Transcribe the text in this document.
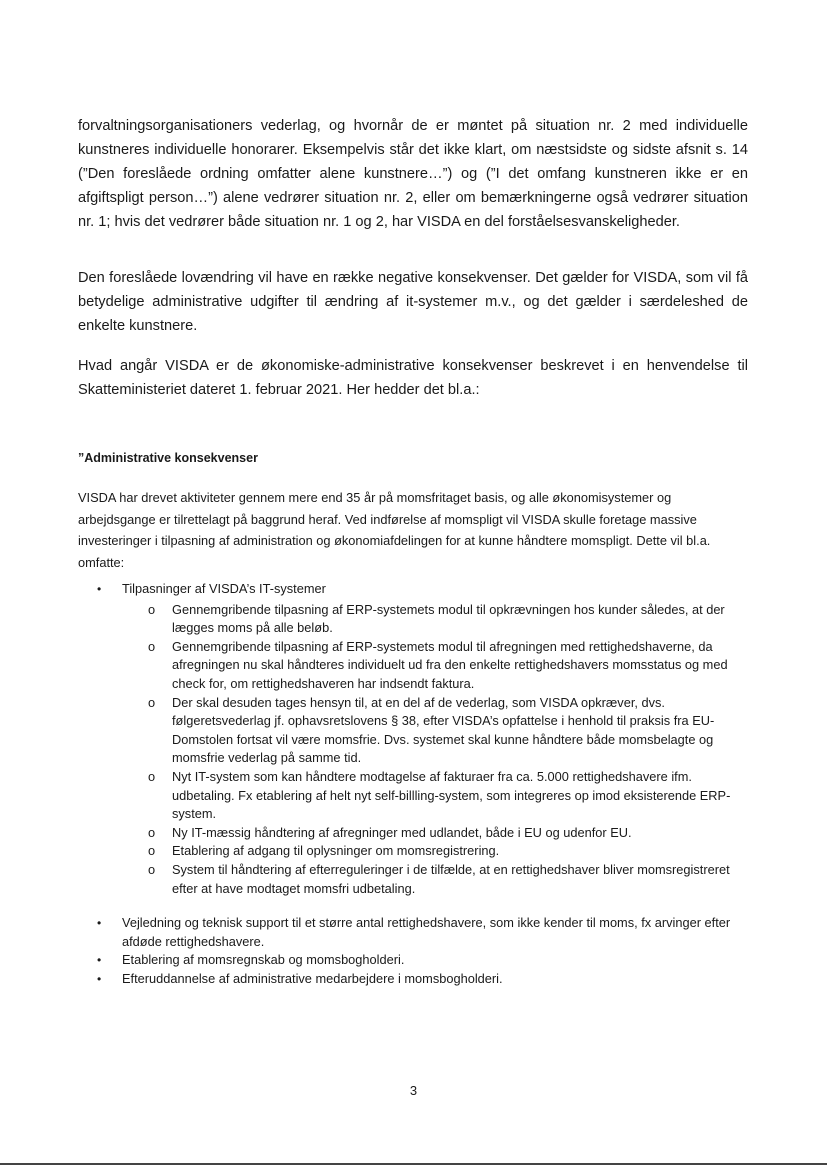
forvaltningsorganisationers vederlag, og hvornår de er møntet på situation nr. 2 med individuelle kunstneres individuelle honorarer. Eksempelvis står det ikke klart, om næstsidste og sidste afsnit s. 14 (”Den foreslåede ordning omfatter alene kunstnere…”) og (”I det omfang kunstneren ikke er en afgiftspligt person…”) alene vedrører situation nr. 2, eller om bemærkningerne også vedrører situation nr. 1; hvis det vedrører både situation nr. 1 og 2, har VISDA en del forståelsesvanskeligheder.

Den foreslåede lovændring vil have en række negative konsekvenser. Det gælder for VISDA, som vil få betydelige administrative udgifter til ændring af it-systemer m.v., og det gælder i særdeleshed de enkelte kunstnere.

Hvad angår VISDA er de økonomiske-administrative konsekvenser beskrevet i en henvendelse til Skatteministeriet dateret 1. februar 2021. Her hedder det bl.a.:

”Administrative konsekvenser

VISDA har drevet aktiviteter gennem mere end 35 år på momsfritaget basis, og alle økonomisystemer og arbejdsgange er tilrettelagt på baggrund heraf. Ved indførelse af momspligt vil VISDA skulle foretage massive investeringer i tilpasning af administration og økonomiafdelingen for at kunne håndtere momspligt. Dette vil bl.a. omfatte:

• Tilpasninger af VISDA’s IT-systemer
o Gennemgribende tilpasning af ERP-systemets modul til opkrævningen hos kunder således, at der lægges moms på alle beløb.
o Gennemgribende tilpasning af ERP-systemets modul til afregningen med rettighedshaverne, da afregningen nu skal håndteres individuelt ud fra den enkelte rettighedshavers momsstatus og med check for, om rettighedshaveren har indsendt faktura.
o Der skal desuden tages hensyn til, at en del af de vederlag, som VISDA opkræver, dvs. følgeretsvederlag jf. ophavsretslovens § 38, efter VISDA’s opfattelse i henhold til praksis fra EU-Domstolen fortsat vil være momsfrie. Dvs. systemet skal kunne håndtere både momsbelagte og momsfrie vederlag på samme tid.
o Nyt IT-system som kan håndtere modtagelse af fakturaer fra ca. 5.000 rettighedshavere ifm. udbetaling. Fx etablering af helt nyt self-billling-system, som integreres op imod eksisterende ERP-system.
o Ny IT-mæssig håndtering af afregninger med udlandet, både i EU og udenfor EU.
o Etablering af adgang til oplysninger om momsregistrering.
o System til håndtering af efterreguleringer i de tilfælde, at en rettighedshaver bliver momsregistreret efter at have modtaget momsfri udbetaling.
• Vejledning og teknisk support til et større antal rettighedshavere, som ikke kender til moms, fx arvinger efter afdøde rettighedshavere.
• Etablering af momsregnskab og momsbogholderi.
• Efteruddannelse af administrative medarbejdere i momsbogholderi.
3
